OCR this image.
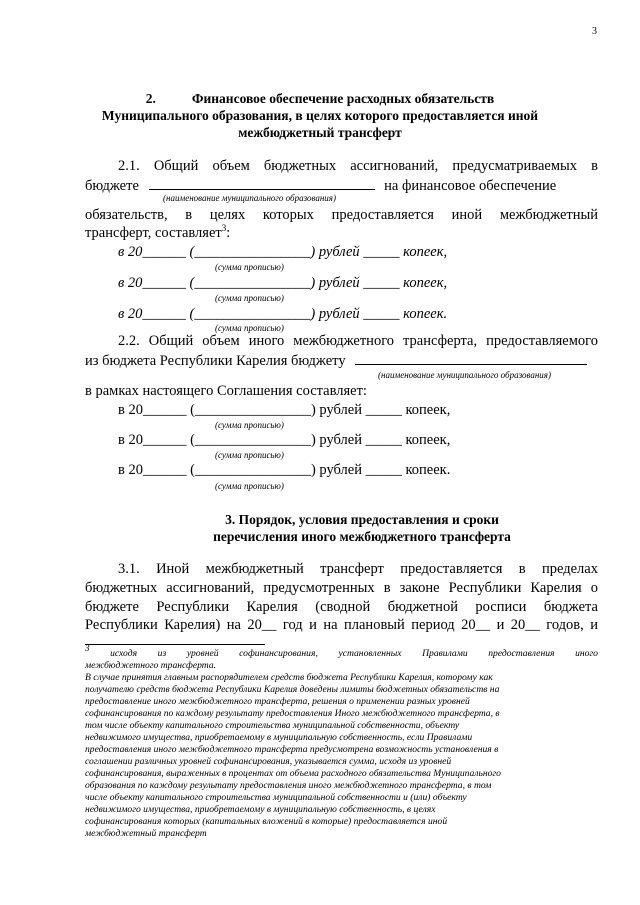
3
2.	Финансовое обеспечение расходных обязательств
Муниципального образования, в целях которого предоставляется иной
межбюджетный трансферт
2.1. Общий объем бюджетных ассигнований, предусматриваемых в
бюджете	на финансовое обеспечение
(наименование муниципального образования)
обязательств, в целях которых предоставляется иной межбюджетный
трансферт, составляет$^3$:
в 20______ (________________) рублей _____ копеек,
(сумма прописью)
в 20______ (________________) рублей _____ копеек,
(сумма прописью)
в 20______ (________________) рублей _____ копеек.
(сумма прописью)
2.2. Общий объем иного межбюджетного трансферта, предоставляемого
из бюджета Республики Карелия бюджету
(наименование муниципального образования)
в рамках настоящего Соглашения составляет:
в 20______ (________________) рублей _____ копеек,
(сумма прописью)
в 20______ (________________) рублей _____ копеек,
(сумма прописью)
в 20______ (________________) рублей _____ копеек.
(сумма прописью)
3. Порядок, условия предоставления и сроки
перечисления иного межбюджетного трансферта
3.1. Иной межбюджетный трансферт предоставляется в пределах
бюджетных ассигнований, предусмотренных в законе Республики Карелия о
бюджете Республики Карелия (сводной бюджетной росписи бюджета
Республики Карелия) на 20__ год и на плановый период 20__ и 20__ годов, и
3 исходя из уровней софинансирования, установленных Правилами предоставления иного
межбюджетного трансферта.
В случае принятия главным распорядителем средств бюджета Республики Карелия, которому как
получателю средств бюджета Республики Карелия доведены лимиты бюджетных обязательств на
предоставление иного межбюджетного трансферта, решения о применении разных уровней
софинансирования по каждому результату предоставления Иного межбюджетного трансферта, в
том числе объекту капитального строительства муниципальной собственности, объекту
недвижимого имущества, приобретаемому в муниципальную собственность, если Правилами
предоставления иного межбюджетного трансферта предусмотрена возможность установления в
соглашении различных уровней софинансирования, указывается сумма, исходя из уровней
софинансирования, выраженных в процентах от объема расходного обязательства Муниципального
образования по каждому результату предоставления иного межбюджетного трансферта, в том
числе объекту капитального строительства муниципальной собственности и (или) объекту
недвижимого имущества, приобретаемому в муниципальную собственность, в целях
софинансирования которых (капитальных вложений в которые) предоставляется иной
межбюджетный трансферт
